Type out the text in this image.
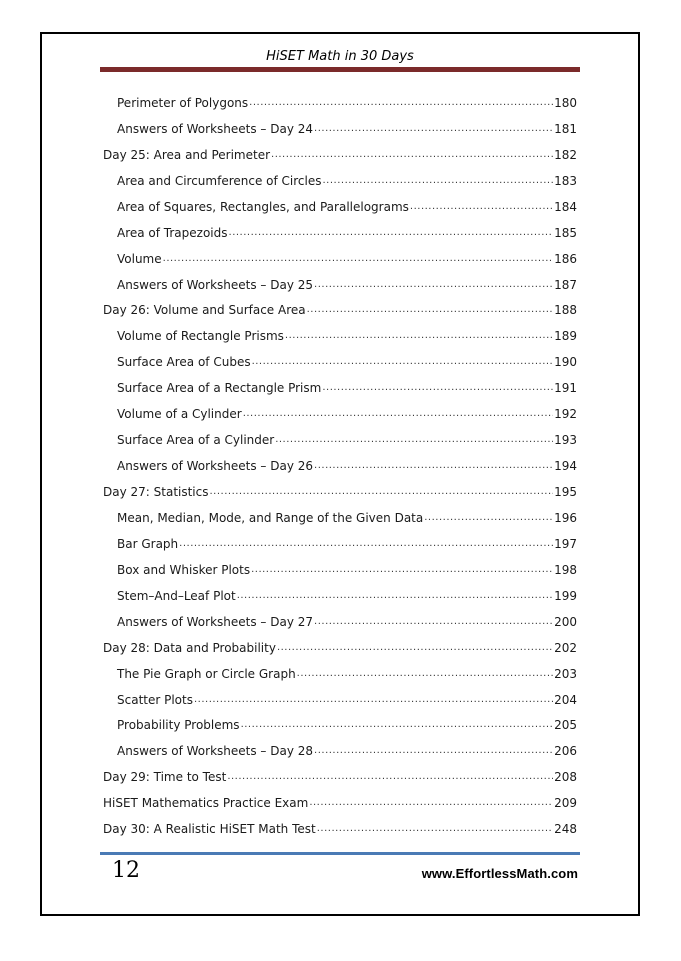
HiSET Math in 30 Days
Perimeter of Polygons .....	180
Answers of Worksheets – Day 24 .....	181
Day 25: Area and Perimeter .....	182
Area and Circumference of Circles .....	183
Area of Squares, Rectangles, and Parallelograms .....	184
Area of Trapezoids .....	185
Volume .....	186
Answers of Worksheets – Day 25 .....	187
Day 26: Volume and Surface Area .....	188
Volume of Rectangle Prisms .....	189
Surface Area of Cubes .....	190
Surface Area of a Rectangle Prism .....	191
Volume of a Cylinder .....	192
Surface Area of a Cylinder .....	193
Answers of Worksheets – Day 26 .....	194
Day 27: Statistics .....	195
Mean, Median, Mode, and Range of the Given Data .....	196
Bar Graph .....	197
Box and Whisker Plots .....	198
Stem–And–Leaf Plot .....	199
Answers of Worksheets – Day 27 .....	200
Day 28: Data and Probability .....	202
The Pie Graph or Circle Graph .....	203
Scatter Plots .....	204
Probability Problems .....	205
Answers of Worksheets – Day 28 .....	206
Day 29: Time to Test .....	208
HiSET Mathematics Practice Exam .....	209
Day 30: A Realistic HiSET Math Test .....	248
12	www.EffortlessMath.com
